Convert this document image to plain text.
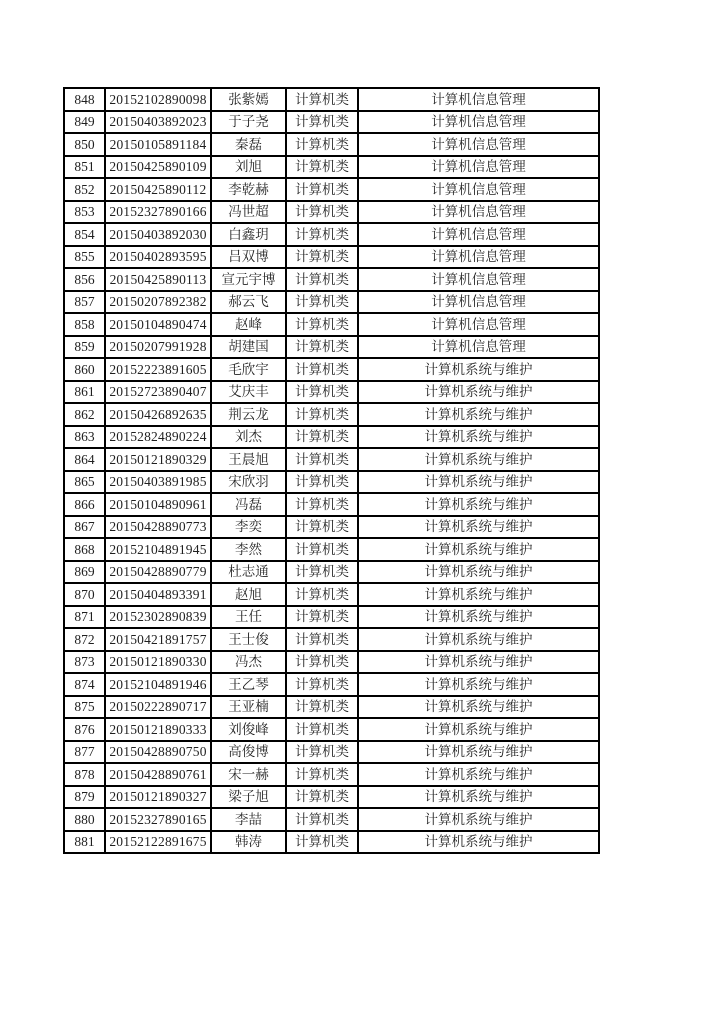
848	20152102890098	张紫嫣	计算机类	计算机信息管理
849	20150403892023	于子尧	计算机类	计算机信息管理
850	20150105891184	秦磊	计算机类	计算机信息管理
851	20150425890109	刘旭	计算机类	计算机信息管理
852	20150425890112	李乾赫	计算机类	计算机信息管理
853	20152327890166	冯世超	计算机类	计算机信息管理
854	20150403892030	白鑫玥	计算机类	计算机信息管理
855	20150402893595	吕双博	计算机类	计算机信息管理
856	20150425890113	宣元宇博	计算机类	计算机信息管理
857	20150207892382	郝云飞	计算机类	计算机信息管理
858	20150104890474	赵峰	计算机类	计算机信息管理
859	20150207991928	胡建国	计算机类	计算机信息管理
860	20152223891605	毛欣宇	计算机类	计算机系统与维护
861	20152723890407	艾庆丰	计算机类	计算机系统与维护
862	20150426892635	荆云龙	计算机类	计算机系统与维护
863	20152824890224	刘杰	计算机类	计算机系统与维护
864	20150121890329	王晨旭	计算机类	计算机系统与维护
865	20150403891985	宋欣羽	计算机类	计算机系统与维护
866	20150104890961	冯磊	计算机类	计算机系统与维护
867	20150428890773	李奕	计算机类	计算机系统与维护
868	20152104891945	李然	计算机类	计算机系统与维护
869	20150428890779	杜志通	计算机类	计算机系统与维护
870	20150404893391	赵旭	计算机类	计算机系统与维护
871	20152302890839	王任	计算机类	计算机系统与维护
872	20150421891757	王士俊	计算机类	计算机系统与维护
873	20150121890330	冯杰	计算机类	计算机系统与维护
874	20152104891946	王乙琴	计算机类	计算机系统与维护
875	20150222890717	王亚楠	计算机类	计算机系统与维护
876	20150121890333	刘俊峰	计算机类	计算机系统与维护
877	20150428890750	高俊博	计算机类	计算机系统与维护
878	20150428890761	宋一赫	计算机类	计算机系统与维护
879	20150121890327	梁子旭	计算机类	计算机系统与维护
880	20152327890165	李喆	计算机类	计算机系统与维护
881	20152122891675	韩涛	计算机类	计算机系统与维护
